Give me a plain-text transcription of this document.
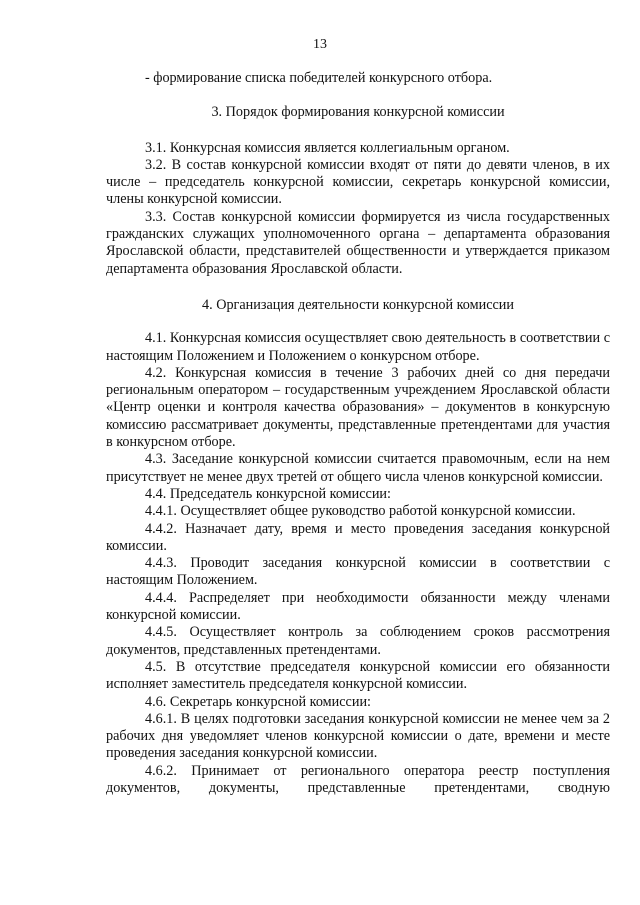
13

- формирование списка победителей конкурсного отбора.

3. Порядок формирования конкурсной комиссии

3.1. Конкурсная комиссия является коллегиальным органом.

3.2. В состав конкурсной комиссии входят от пяти до девяти членов, в их числе – председатель конкурсной комиссии, секретарь конкурсной комиссии, члены конкурсной комиссии.

3.3. Состав конкурсной комиссии формируется из числа государственных гражданских служащих уполномоченного органа – департамента образования Ярославской области, представителей общественности и утверждается приказом департамента образования Ярославской области.

4. Организация деятельности конкурсной комиссии

4.1. Конкурсная комиссия осуществляет свою деятельность в соответствии с настоящим Положением и Положением о конкурсном отборе.

4.2. Конкурсная комиссия в течение 3 рабочих дней со дня передачи региональным оператором – государственным учреждением Ярославской области «Центр оценки и контроля качества образования» – документов в конкурсную комиссию рассматривает документы, представленные претендентами для участия в конкурсном отборе.

4.3. Заседание конкурсной комиссии считается правомочным, если на нем присутствует не менее двух третей от общего числа членов конкурсной комиссии.

4.4. Председатель конкурсной комиссии:

4.4.1. Осуществляет общее руководство работой конкурсной комиссии.

4.4.2. Назначает дату, время и место проведения заседания конкурсной комиссии.

4.4.3. Проводит заседания конкурсной комиссии в соответствии с настоящим Положением.

4.4.4. Распределяет при необходимости обязанности между членами конкурсной комиссии.

4.4.5. Осуществляет контроль за соблюдением сроков рассмотрения документов, представленных претендентами.

4.5. В отсутствие председателя конкурсной комиссии его обязанности исполняет заместитель председателя конкурсной комиссии.

4.6. Секретарь конкурсной комиссии:

4.6.1. В целях подготовки заседания конкурсной комиссии не менее чем за 2 рабочих дня уведомляет членов конкурсной комиссии о дате, времени и месте проведения заседания конкурсной комиссии.

4.6.2. Принимает от регионального оператора реестр поступления документов, документы, представленные претендентами, сводную
